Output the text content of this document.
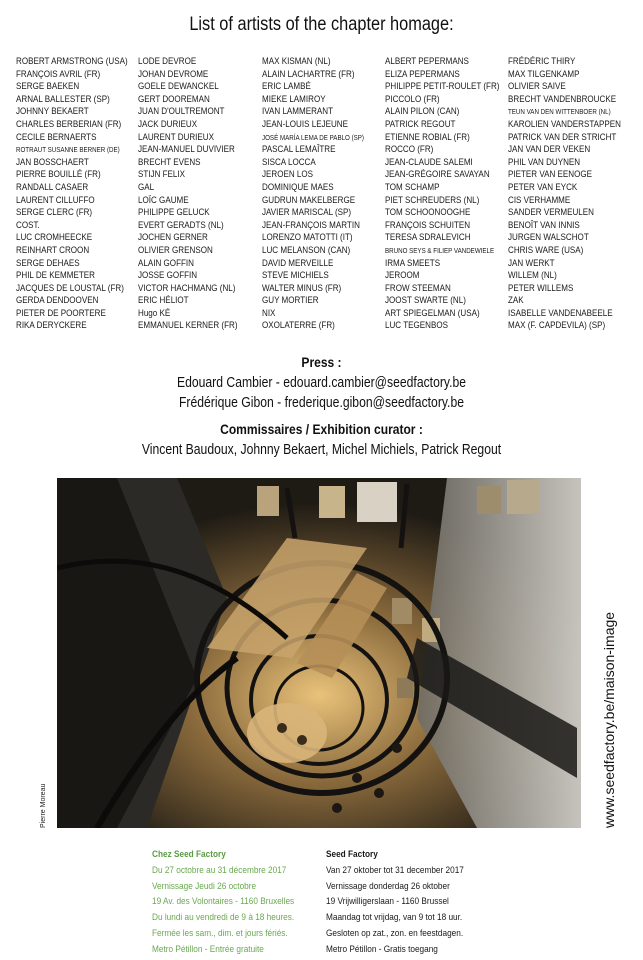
List of artists of the chapter homage:
ROBERT ARMSTRONG (USA)
FRANÇOIS AVRIL (FR)
SERGE BAEKEN
ARNAL BALLESTER (SP)
JOHNNY BEKAERT
CHARLES BERBERIAN (FR)
CECILE BERNAERTS
ROTRAUT SUSANNE BERNER (DE)
JAN BOSSCHAERT
PIERRE BOUILLÉ (FR)
RANDALL CASAER
LAURENT CILLUFFO
SERGE CLERC (FR)
COST.
LUC CROMHEECKE
REINHART CROON
SERGE DEHAES
PHIL DE KEMMETER
JACQUES DE LOUSTAL (FR)
GERDA DENDOOVEN
PIETER DE POORTERE
RIKA DERYCKERE
LODE DEVROE
JOHAN DEVROME
GOELE DEWANCKEL
GERT DOOREMAN
JUAN D'OULTREMONT
JACK DURIEUX
LAURENT DURIEUX
JEAN-MANUEL DUVIVIER
BRECHT EVENS
STIJN FELIX
GAL
LOÏC GAUME
PHILIPPE GELUCK
EVERT GERADTS (NL)
JOCHEN GERNER
OLIVIER GRENSON
ALAIN GOFFIN
JOSSE GOFFIN
VICTOR HACHMANG (NL)
ERIC HÉLIOT
Hugo KÉ
EMMANUEL KERNER (FR)
MAX KISMAN (NL)
ALAIN LACHARTRE (FR)
ERIC LAMBÉ
MIEKE LAMIROY
IVAN LAMMERANT
JEAN-LOUIS LEJEUNE
JOSÉ MARÍA LEMA DE PABLO (SP)
PASCAL LEMAÎTRE
SISCA LOCCA
JEROEN LOS
DOMINIQUE MAES
GUDRUN MAKELBERGE
JAVIER MARISCAL (SP)
JEAN-FRANÇOIS MARTIN
LORENZO MATOTTI (IT)
LUC MELANSON (CAN)
DAVID MERVEILLE
STEVE MICHIELS
WALTER MINUS (FR)
GUY MORTIER
NIX
OXOLATERRE (FR)
ALBERT PEPERMANS
ELIZA PEPERMANS
PHILIPPE PETIT-ROULET (FR)
PICCOLO (FR)
ALAIN PILON (CAN)
PATRICK REGOUT
ETIENNE ROBIAL (FR)
ROCCO (FR)
JEAN-CLAUDE SALEMI
JEAN-GRÉGOIRE SAVAYAN
TOM SCHAMP
PIET SCHREUDERS (NL)
TOM SCHOONOOGHE
FRANÇOIS SCHUITEN
TERESA SDRALEVICH
BRUNO SEYS & FILIEP VANDEWIELE
IRMA SMEETS
JEROOM
FROW STEEMAN
JOOST SWARTE (NL)
ART SPIEGELMAN (USA)
LUC TEGENBOS
FRÉDÉRIC THIRY
MAX TILGENKAMP
OLIVIER SAIVE
BRECHT VANDENBROUCKE
TEUN VAN DEN WITTENBOER (NL)
KAROLIEN VANDERSTAPPEN
PATRICK VAN DER STRICHT
JAN VAN DER VEKEN
PHIL VAN DUYNEN
PIETER VAN EENOGE
PETER VAN EYCK
CIS VERHAMME
SANDER VERMEULEN
BENOÎT VAN INNIS
JURGEN WALSCHOT
CHRIS WARE (USA)
JAN WERKT
WILLEM (NL)
PETER WILLEMS
ZAK
ISABELLE VANDENABEELE
MAX (F. CAPDEVILA) (SP)
Press :
Edouard Cambier - edouard.cambier@seedfactory.be
Frédérique Gibon - frederique.gibon@seedfactory.be
Commissaires / Exhibition curator :
Vincent Baudoux, Johnny Bekaert, Michel Michiels, Patrick Regout
Pierre Moreau	www.seedfactory.be/maison-image
Chez Seed Factory
Du 27 octobre au 31 décembre 2017
Vernissage Jeudi 26 octobre
19 Av. des Volontaires - 1160 Bruxelles
Du lundi au vendredi de 9 à 18 heures.
Fermée les sam., dim. et jours fériés.
Metro Pétillon - Entrée gratuite
Seed Factory
Van 27 oktober tot 31 december 2017
Vernissage donderdag 26 oktober
19 Vrijwilligerslaan - 1160 Brussel
Maandag tot vrijdag, van 9 tot 18 uur.
Gesloten op zat., zon. en feestdagen.
Metro Pétillon - Gratis toegang
